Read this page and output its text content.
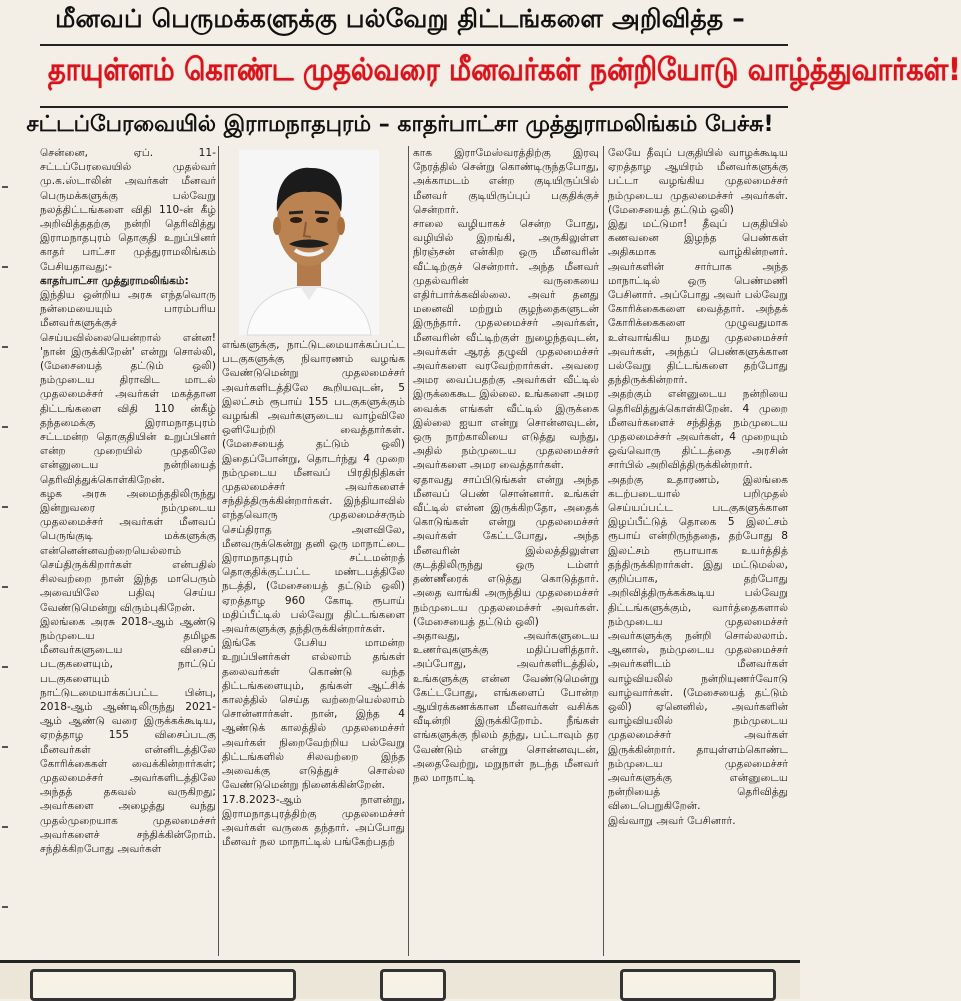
மீனவப் பெருமக்களுக்கு பல்வேறு திட்டங்களை அறிவித்த –
தாயுள்ளம் கொண்ட முதல்வரை மீனவர்கள் நன்றியோடு வாழ்த்துவார்கள்!
சட்டப்பேரவையில் இராமநாதபுரம் – காதர்பாட்சா முத்துராமலிங்கம் பேச்சு!

சென்னை, ஏப். 11- சட்டப்பேரவையில் முதல்வர் மு.க.ஸ்டாலின் அவர்கள் மீனவர் பெருமக்களுக்கு பல்வேறு நலத்திட்டங்களை விதி 110-ன் கீழ் அறிவித்ததற்கு நன்றி தெரிவித்து இராமநாதபுரம் தொகுதி உறுப்பினர் காதர் பாட்சா முத்துராமலிங்கம் பேசியதாவது:-

காதர்பாட்சா முத்துராமலிங்கம்:

இந்திய ஒன்றிய அரசு எந்தவொரு நன்மையையும் பாரம்பரிய மீனவர்களுக்குச் செய்யவில்லையென்றால் என்ன! 'நான் இருக்கிறேன்' என்று சொல்லி, (மேசையைத் தட்டும் ஒலி) நம்முடைய திராவிட மாடல் முதலமைச்சர் அவர்கள் மகத்தான திட்டங்களை விதி 110 ன்கீழ் தந்தமைக்கு இராமநாதபுரம் சட்டமன்ற தொகுதியின் உறுப்பினர் என்ற முறையில் முதலிலே என்னுடைய நன்றியைத் தெரிவித்துக்கொள்கிறேன்.

கழக அரசு அமைந்ததிலிருந்து இன்றுவரை நம்முடைய முதலமைச்சர் அவர்கள் மீனவப் பெருங்குடி மக்களுக்கு என்னென்னவற்றையெல்லாம் செய்திருக்கிறார்கள் என்பதில் சிலவற்றை நான் இந்த மாபெரும் அவையிலே பதிவு செய்ய வேண்டுமென்று விரும்புகிறேன்.

இலங்கை அரசு 2018-ஆம் ஆண்டு நம்முடைய தமிழக மீனவர்களுடைய விசைப் படகுகளையும், நாட்டுப் படகுகளையும் நாட்டுடமையாக்கப்பட்ட பின்பு, 2018-ஆம் ஆண்டிலிருந்து 2021-ஆம் ஆண்டு வரை இருக்கக்கூடிய, ஏறத்தாழ 155 விசைப்படகு மீனவர்கள் என்னிடத்திலே கோரிக்கைகள் வைக்கின்றார்கள்; முதலமைச்சர் அவர்களிடத்திலே அந்தத் தகவல் வருகிறது; அவர்களை அழைத்து வந்து முதல்முறையாக முதலமைச்சர் அவர்களைச் சந்திக்கின்றோம். சந்திக்கிறபோது அவர்கள்

எங்களுக்கு, நாட்டுடமையாக்கப்பட்ட படகுகளுக்கு நிவாரணம் வழங்க வேண்டுமென்று முதலமைச்சர் அவர்களிடத்திலே கூறியவுடன், 5 இலட்சம் ரூபாய் 155 படகுகளுக்கும் வழங்கி அவர்களுடைய வாழ்விலே ஒளியேற்றி வைத்தார்கள். (மேசையைத் தட்டும் ஒலி) இதைப்போன்று, தொடர்ந்து 4 முறை நம்முடைய மீனவப் பிரதிநிதிகள் முதலமைச்சர் அவர்களைச் சந்தித்திருக்கின்றார்கள். இந்தியாவில் எந்தவொரு முதலமைச்சரும் செய்திராத அளவிலே, மீனவருக்கென்று தனி ஒரு மாநாட்டை இராமநாதபுரம் சட்டமன்றத் தொகுதிக்குட்பட்ட மண்டபத்திலே நடத்தி, (மேசையைத் தட்டும் ஒலி) ஏறத்தாழ 960 கோடி ரூபாய் மதிப்பீட்டில் பல்வேறு திட்டங்களை அவர்களுக்கு தந்திருக்கின்றார்கள்.

இங்கே பேசிய மாமன்ற உறுப்பினர்கள் எல்லாம் தங்கள் தலைவர்கள் கொண்டு வந்த திட்டங்களையும், தங்கள் ஆட்சிக் காலத்தில் செய்த வற்றையெல்லாம் சொன்னார்கள். நான், இந்த 4 ஆண்டுக் காலத்தில் முதலமைச்சர் அவர்கள் நிறைவேற்றிய பல்வேறு திட்டங்களில் சிலவற்றை இந்த அவைக்கு எடுத்துச் சொல்ல வேண்டுமென்று நினைக்கின்றேன்.

17.8.2023-ஆம் நாளன்று, இராமநாதபுரத்திற்கு முதலமைச்சர் அவர்கள் வருகை தந்தார். அப்போது மீனவர் நல மாநாட்டில் பங்கேற்பதற்

காக இராமேஸ்வரத்திற்கு இரவு நேரத்தில் சென்று கொண்டிருந்தபோது, அக்காமடம் என்ற குடியிருப்பில் மீனவர் குடியிருப்புப் பகுதிக்குச் சென்றார்.

சாலை வழியாகச் சென்ற போது, வழியில் இறங்கி, அருகிலுள்ள நிரஞ்சன் என்கிற ஒரு மீனவரின் வீட்டிற்குச் சென்றார். அந்த மீனவர் முதல்வரின் வருகையை எதிர்பார்க்கவில்லை. அவர் தனது மனைவி மற்றும் குழந்தைகளுடன் இருந்தார். முதலமைச்சர் அவர்கள், மீனவரின் வீட்டிற்குள் நுழைந்தவுடன், அவர்கள் ஆரத் தழுவி முதலமைச்சர் அவர்களை வரவேற்றார்கள். அவரை அமர வைப்பதற்கு அவர்கள் வீட்டில் இருக்கைகூட இல்லை. உங்களை அமர வைக்க எங்கள் வீட்டில் இருக்கை இல்லை ஐயா என்று சொன்னவுடன், ஒரு நாற்காலியை எடுத்து வந்து, அதில் நம்முடைய முதலமைச்சர் அவர்களை அமர வைத்தார்கள்.

ஏதாவது சாப்பிடுங்கள் என்று அந்த மீனவப் பெண் சொன்னார். உங்கள் வீட்டில் என்ன இருக்கிறதோ, அதைக் கொடுங்கள் என்று முதலமைச்சர் அவர்கள் கேட்டபோது, அந்த மீனவரின் இல்லத்திலுள்ள குடத்திலிருந்து ஒரு டம்ளர் தண்ணீரைக் எடுத்து கொடுத்தார். அதை வாங்கி அருந்திய முதலமைச்சர் நம்முடைய முதலமைச்சர் அவர்கள். (மேசையைத் தட்டும் ஒலி)

அதாவது, அவர்களுடைய உணர்வுகளுக்கு மதிப்பளித்தார். அப்போது, அவர்களிடத்தில், உங்களுக்கு என்ன வேண்டுமென்று கேட்டபோது, எங்களைப் போன்ற ஆயிரக்கணக்கான மீனவர்கள் வசிக்க வீடின்றி இருக்கிறோம். நீங்கள் எங்களுக்கு நிலம் தந்து, பட்டாவும் தர வேண்டும் என்று சொன்னவுடன், அதைவேற்று, மறுநாள் நடந்த மீனவர் நல மாநாட்டி

லேயே தீவுப் பகுதியில் வாழக்கூடிய ஏறத்தாழ ஆயிரம் மீனவர்களுக்கு பட்டா வழங்கிய முதலமைச்சர் நம்முடைய முதலமைச்சர் அவர்கள். (மேசையைத் தட்டும் ஒலி)

இது மட்டுமா! தீவுப் பகுதியில் கணவனை இழந்த பெண்கள் அதிகமாக வாழ்கின்றனர். அவர்களின் சார்பாக அந்த மாநாட்டில் ஒரு பெண்மணி பேசினார். அப்போது அவர் பல்வேறு கோரிக்கைகளை வைத்தார். அந்தக் கோரிக்கைகளை முழுவதுமாக உள்வாங்கிய நமது முதலமைச்சர் அவர்கள், அந்தப் பெண்களுக்கான பல்வேறு திட்டங்களை தற்போது தந்திருக்கின்றார்.

அதற்கும் என்னுடைய நன்றியை தெரிவித்துக்கொள்கிறேன். 4 முறை மீனவர்களைச் சந்தித்த நம்முடைய முதலமைச்சர் அவர்கள், 4 முறையும் ஒவ்வொரு திட்டத்தை அரசின் சார்பில் அறிவித்திருக்கின்றார்.

அதற்கு உதாரணம், இலங்கை கடற்படையால் பறிமுதல் செய்யப்பட்ட படகுகளுக்கான இழப்பீட்டுத் தொகை 5 இலட்சம் ரூபாய் என்றிருந்ததை, தற்போது 8 இலட்சம் ரூபாயாக உயர்த்தித் தந்திருக்கிறார்கள். இது மட்டுமல்ல, குறிப்பாக, தற்போது அறிவித்திருக்கக்கூடிய பல்வேறு திட்டங்களுக்கும், வார்த்தைகளால் நம்முடைய முதலமைச்சர் அவர்களுக்கு நன்றி சொல்லலாம். ஆனால், நம்முடைய முதலமைச்சர் அவர்களிடம் மீனவர்கள் வாழ்வியலில் நன்றியுணர்வோடு வாழ்வார்கள். (மேசையைத் தட்டும் ஒலி) ஏனெனில், அவர்களின் வாழ்வியலில் நம்முடைய முதலமைச்சர் அவர்கள் இருக்கின்றார். தாயுள்ளம்கொண்ட நம்முடைய முதலமைச்சர் அவர்களுக்கு என்னுடைய நன்றியைத் தெரிவித்து விடைபெறுகிறேன்.

இவ்வாறு அவர் பேசினார்.
